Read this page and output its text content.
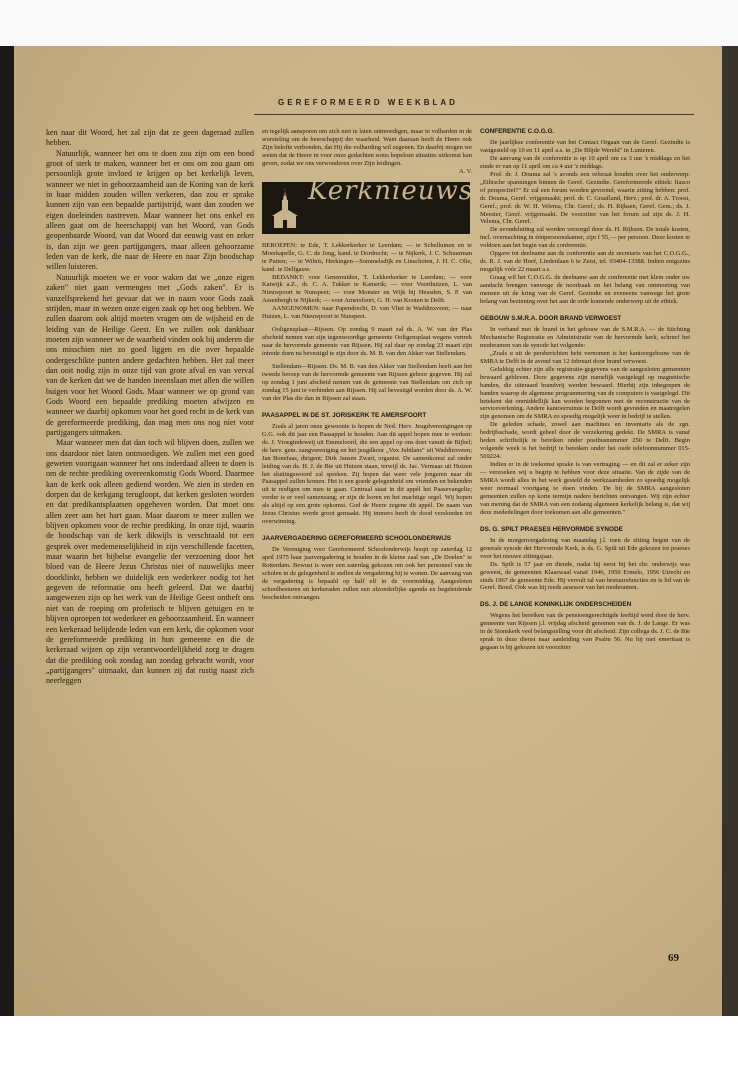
GEREFORMEERD WEEKBLAD

ken naar dit Woord, het zal zijn dat ze geen dageraad zullen hebben.

Natuurlijk, wanneer het ons te doen zou zijn om een bond groot of sterk te maken, wanneer het er ons om zou gaan om persoonlijk grote invloed te krijgen op het kerkelijk leven, wanneer we niet in gehoorzaamheid aan de Koning van de kerk in haar midden zouden willen verkeren, dan zou er sprake kunnen zijn van een bepaalde partijstrijd, want dan zouden we eigen doeleinden nastreven. Maar wanneer het ons enkel en alleen gaat om de heerschappij van het Woord, van Gods geopenbaarde Woord, van dat Woord dat eeuwig vast en zeker is, dan zijn we geen partijgangers, maar alleen gehoorzame leden van de kerk, die naar de Heere en naar Zijn boodschap willen luisteren.

Natuurlijk moeten we er voor waken dat we „onze eigen zaken" niet gaan vermengen met „Gods zaken". Er is vanzelfsprekend het gevaar dat we in naam voor Gods zaak strijden, maar in wezen onze eigen zaak op het oog hebben. We zullen daarom ook altijd moeten vragen om de wijsheid en de leiding van de Heilige Geest. En we zullen ook dankbaar moeten zijn wanneer we de waarheid vinden ook bij anderen die ons misschien niet zo goed liggen en die over bepaalde ondergeschikte punten andere gedachten hebben. Het zal meer dan ooit nodig zijn in onze tijd van grote afval en van verval van de kerken dat we de handen ineenslaan met allen die willen buigen voor het Woord Gods. Maar wanneer we op grond van Gods Woord een bepaalde prediking moeten afwijzen en wanneer we daarbij opkomen voor het goed recht in de kerk van de gereformeerde prediking, dan mag men ons nog niet voor partijgangers uitmaken.

Maar wanneer men dat dan toch wil blijven doen, zullen we ons daardoor niet laten ontmoedigen. We zullen met een goed geweten voortgaan wanneer het ons inderdaad alleen te doen is om de rechte prediking overeenkomstig Gods Woord. Daarmee kan de kerk ook alleen gediend worden. We zien in steden en dorpen dat de kerkgang terugloopt, dat kerken gesloten worden en dat predikantsplaatsen opgeheven worden. Dat moet ons allen zeer aan het hart gaan. Maar daarom te meer zullen we blijven opkomen voor de rechte prediking. In onze tijd, waarin de boodschap van de kerk dikwijls is verschraald tot een gesprek over medemenselijkheid in zijn verschillende facetten, maar waarin het bijbelse evangelie der verzoening door het bloed van de Heere Jezus Christus niet of nauwelijks meer doorklinkt, hebben we duidelijk een wederkeer nodig tot het gegeven de reformatie ons heeft geleerd. Dat we daarbij aangewezen zijn op het werk van de Heilige Geest ontheft ons niet van de roeping om profetisch te blijven getuigen en te blijven oproepen tot wederkeer en gehoorzaamheid. En wanneer een kerkeraad belijdende leden van een kerk, die opkomen voor de gereformeerde prediking in hun gemeente en die de kerkeraad wijzen op zijn verantwoordelijkheid zorg te dragen dat die prediking ook zondag aan zondag gebracht wordt, voor „partijgangers" uitmaakt, dan kunnen zij dat rustig naast zich neerleggen

en tegelijk aansporen om zich niet te laten ontmoedigen, maar te volharden in de worsteling om de heerschappij der waarheid. Want daaraan heeft de Heere ook Zijn belofte verbonden, dat Hij die volharding wil zegenen. En daarbij mogen we weten dat de Heere in voor onze gedachten soms hopeloze situaties uitkomst kan geven, zodat we ons verwonderen over Zijn leidingen.

A. V.
Kerknieuws

BEROEPEN: te Ede, T. Lekkerkerker te Leerdam; — te Schelluinen en te Moerkapelle, G. C. de Jong, kand. te Dordrecht; — te Nijkerk, J. C. Schuurman te Putten; — te Wilnis, Herkingen—Sommelsdijk en Linschoten, J. H. C. Olie, kand. te Delfgauw.

BEDANKT: voor Genemuiden, T. Lekkerkerker te Leerdam; — voor Katwijk a.Z., dr. C. A. Tukker te Kamerik; — voor Voorthuizen, L. van Nieuwpoort te Nunspeet; — voor Monster en Wijk bij Heusden, S. P. van Assenbergh te Nijkerk; — voor Amersfoort, G. H. van Kooten te Delft.

AANGENOMEN: naar Papendrecht, D. van Vliet te Waddinxveen; — naar Huizen, L. van Nieuwpoort te Nunspeet.

Ooltgensplaat—Rijssen. Op zondag 9 maart zal ds. A. W. van der Plas afscheid nemen van zijn tegenwoordige gemeente Ooltgensplaat wegens vertrek naar de hervormde gemeente van Rijssen. Hij zal daar op zondag 23 maart zijn intrede doen na bevestigd te zijn door ds. M. B. van den Akker van Stellendam.

Stellendam—Rijssen. Ds. M. B. van den Akker van Stellendam heeft aan het tweede beroep van de hervormde gemeente van Rijssen gehoor gegeven. Hij zal op zondag 1 juni afscheid nemen van de gemeente van Stellendam om zich op zondag 15 juni te verbinden aan Rijssen. Hij zal bevestigd worden door ds. A. W. van der Plas die dan in Rijssen zal staan.

PAASAPPEL IN DE ST. JORISKERK TE AMERSFOORT

Zoals al jaren onze gewoonte is hopen de Ned. Herv. Jeugdverenigingen op G.G. ook dit jaar een Paasappel te houden. Aan dit appel hopen mee te werken: ds. J. Vroegindeweij uit Emmeloord, die een appel op ons doet vanuit de Bijbel; de herv. gem. zangvereniging en het jeugdkoor „Vox Jubilans" uit Waddinxveen; Jan Bonefaas, dirigent; Dirk Jansen Zwart, organist. De samenkomst zal onder leiding van ds. H. J. de Bie uit Huizen staan, terwijl ds. Jac. Vermaas uit Huizen het sluitingswoord zal spreken. Zij hopen dat weer vele jongeren naar dit Paasappel zullen komen. Het is een goede gelegenheid om vrienden en bekenden uit te nodigen om mee te gaan. Centraal staat in dit appèl het Paasevangelie; verder is er veel samenzang; er zijn de koren en het machtige orgel. Wij hopen als altijd op een grote opkomst. God de Heere zegene dit appèl. De naam van Jezus Christus worde groot gemaakt. Hij immers heeft de dood verslonden tot overwinning.

JAARVERGADERING GEREFORMEERD SCHOOLONDERWIJS

De Vereniging voor Gereformeerd Schoolonderwijs hoopt op zaterdag 12 april 1975 haar jaarvergadering te houden in de kleine zaal van „De Doelen" te Rotterdam. Bewust is weer een zaterdag gekozen om ook het personeel van de scholen in de gelegenheid te stellen de vergadering bij te wonen. De aanvang van de vergadering is bepaald op half elf in de voormiddag. Aangesloten schoolbesturen en kerkeraden zullen een afzonderlijke agenda en begeleidende bescheiden ontvangen.

CONFERENTIE C.O.G.G.

De jaarlijkse conferentie van het Contact Orgaan van de Geref. Gezindte is vastgesteld op 10 en 11 april a.s. in „De Blijde Wereld" in Lunteren.

De aanvang van de conferentie is op 10 april om ca 3 uur 's middags en het einde er van op 11 april om ca 4 uur 's middags.

Prof. dr. J. Douma zal 's avonds een referaat houden over het onderwerp: „Ethische spanningen binnen de Geref. Gezindte. Gereformeerde ethiek: fiasco of perspectief?" Er zal een forum worden gevormd, waarin zitting hebben: prof. dr. Douma, Geref. vrijgemaakt; prof. dr. C. Graafland, Herv.; prof. dr. A. Troost, Geref.; prof. dr. W. H. Velema, Chr. Geref.; ds. H. Rijksen, Geref. Gem.; ds. J. Meester, Geref. vrijgemaakt. De voorzitter van het forum zal zijn ds. J. H. Velema, Chr. Geref.

De avondsluiting zal worden verzorgd door ds. H. Rijksen. De totale kosten, incl. overnachting in éénpersoonskamer, zijn f 55,— per persoon. Deze kosten te voldoen aan het begin van de conferentie.

Opgave tot deelname aan de conferentie aan de secretaris van het C.O.G.G., ds. R. J. van de Hoef, Lindenlaan 6 te Zeist, tel. 03404-13388. Indien enigszins mogelijk vóór 22 maart a.s.

Graag wil het C.O.G.G. de deelname aan de conferentie met klem onder uw aandacht brengen vanwege de noodzaak en het belang van ontmoeting van mensen uit de kring van de Geref. Gezindte en eveneens vanwege het grote belang van bezinning over het aan de orde komende onderwerp uit de ethiek.

GEBOUW S.M.R.A. DOOR BRAND VERWOEST

In verband met de brand in het gebouw van de S.M.R.A. — de Stichting Mechanische Registratie en Administratie van de hervormde kerk, schreef het moderamen van de synode het volgende:

„Zoals u uit de persberichten hebt vernomen is het kantoorgebouw van de SMRA te Delft in de avond van 12 februari door brand verwoest.

Gelukkig echter zijn alle registratie-gegevens van de aangesloten gemeenten bewaard gebleven. Deze gegevens zijn namelijk vastgelegd op magnetische banden, die uiteraard brandvrij werden bewaard. Hierbij zijn inbegrepen de banden waarop de algemene programmering van de computers is vastgelegd. Dit betekent dat onmiddellijk kan worden begonnen met de reconstructie van de serviceverlening. Andere kantoorruimte te Delft wordt gevonden en maatregelen zijn genomen om de SMRA zo spoedig mogelijk weer in bedrijf te stellen.

De geleden schade, zowel aan machines en inventaris als de zgn. bedrijfsschade, wordt geheel door de verzekering gedekt. De SMRA is vanaf heden schriftelijk te bereiken onder postbusnummer 250 te Delft. Begin volgende week is het bedrijf te bereiken onder het oude telefoonnummer 015-569224.

Indien er in de toekomst sprake is van vertraging — en dit zal er zeker zijn — verzoeken wij u begrip te hebben voor deze situatie. Van de zijde van de SMRA wordt alles in het werk gesteld de werkzaamheden zo spoedig mogelijk weer normaal voortgang te doen vinden. De bij de SMRA aangesloten gemeenten zullen op korte termijn nadere berichten ontvangen. Wij zijn echter van mening dat de SMRA van een zodanig algemeen kerkelijk belang is, dat wij deze mededelingen door toekomen aan alle gemeenten."

DS. G. SPILT PRAESES HERVORMDE SYNODE

In de morgenvergadering van maandag j.l. toen de zitting begon van de generale synode der Hervormde Kerk, is ds. G. Spilt uit Ede gekozen tot praeses voor het nieuwe zittingsjaar.

Ds. Spilt is 57 jaar en diende, nadat hij eerst bij het chr. onderwijs was geweest, de gemeenten Klaaswaal vanaf 1946, 1950 Ermelo, 1956 Utrecht en sinds 1967 de gemeente Ede. Hij vervult tal van bestuursfuncties en is lid van de Geref. Bond. Ook was hij reeds assessor van het moderamen.

DS. J. DE LANGE KONINKLIJK ONDERSCHEIDEN

Wegens het bereiken van de pensioengerechtigde leeftijd werd door de herv. gemeente van Rijssen j.l. vrijdag afscheid genomen van ds. J. de Lange. Er was in de Sionskerk veel belangstelling voor dit afscheid. Zijn collega ds. J. C. de Bie sprak in deze dienst naar aanleiding van Psalm 56. Nu hij met emeritaat is gegaan is hij gekozen tot voorzitter

69
